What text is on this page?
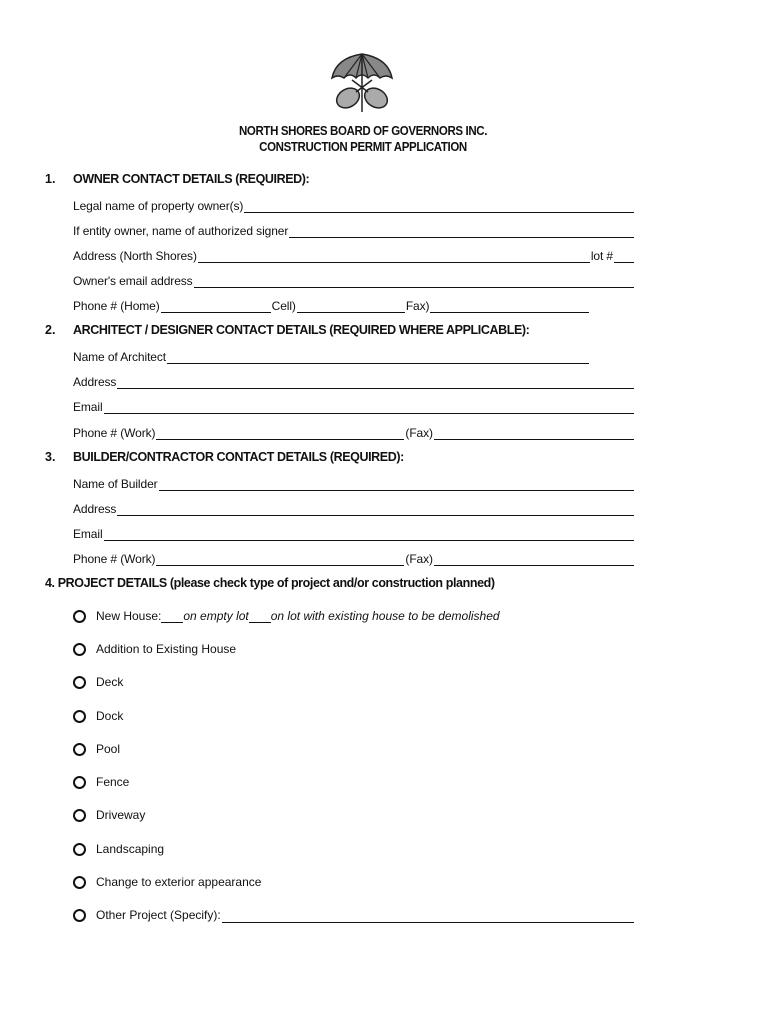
NORTH SHORES BOARD OF GOVERNORS INC.
CONSTRUCTION PERMIT APPLICATION
1. OWNER CONTACT DETAILS (REQUIRED):
Legal name of property owner(s)
If entity owner, name of authorized signer
Address (North Shores)	lot #
Owner's email address
Phone # (Home)	Cell)	Fax)
2. ARCHITECT / DESIGNER CONTACT DETAILS (REQUIRED WHERE APPLICABLE):
Name of Architect
Address
Email
Phone # (Work)	(Fax)
3. BUILDER/CONTRACTOR CONTACT DETAILS (REQUIRED):
Name of Builder
Address
Email
Phone # (Work)	(Fax)
4. PROJECT DETAILS (please check type of project and/or construction planned)
New House: on empty lot on lot with existing house to be demolished
Addition to Existing House
Deck
Dock
Pool
Fence
Driveway
Landscaping
Change to exterior appearance
Other Project (Specify):
